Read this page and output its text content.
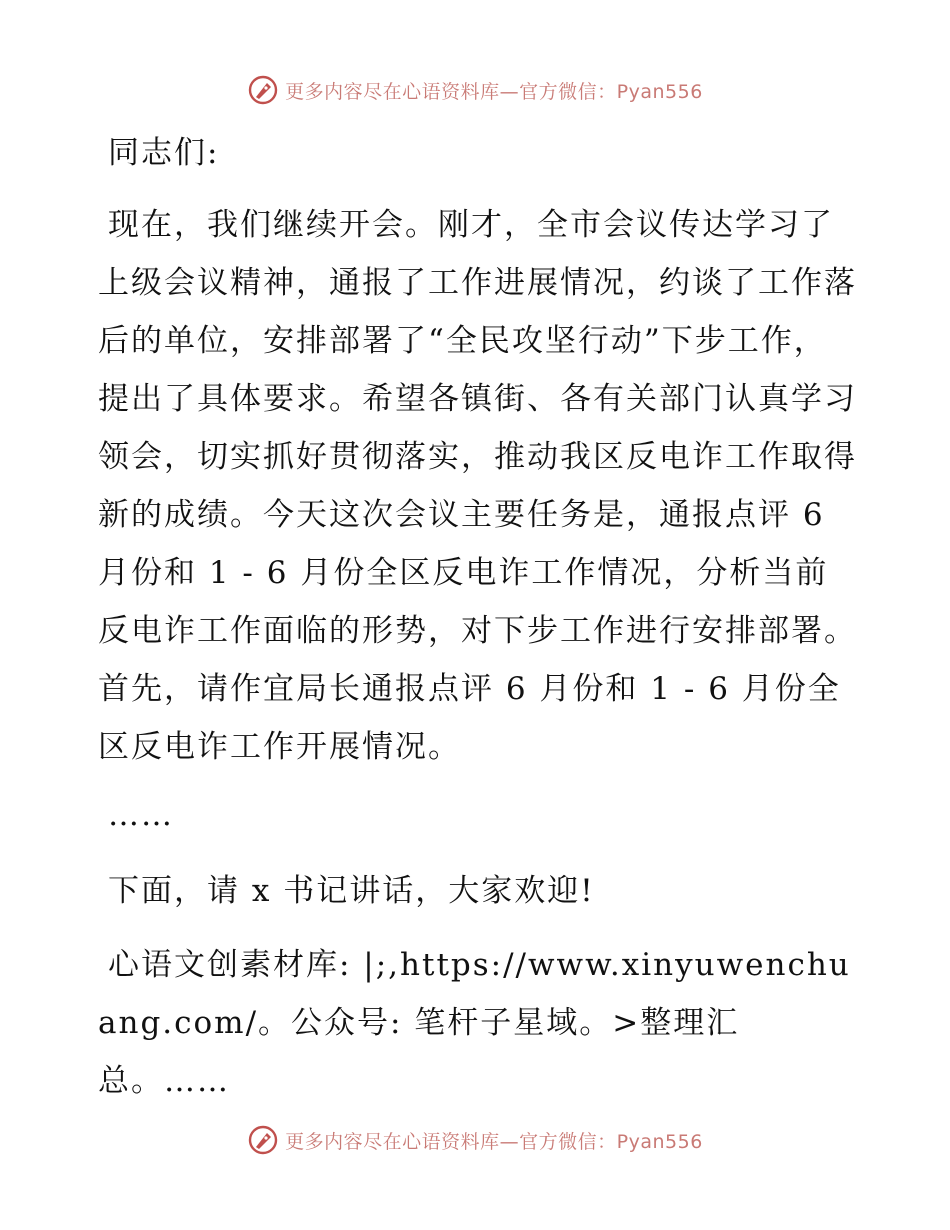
更多内容尽在心语资料库—官方微信：Pyan556

同志们:

现在，我们继续开会。刚才，全市会议传达学习了上级会议精神，通报了工作进展情况，约谈了工作落后的单位，安排部署了“全民攻坚行动”下步工作，提出了具体要求。希望各镇街、各有关部门认真学习领会，切实抓好贯彻落实，推动我区反电诈工作取得新的成绩。今天这次会议主要任务是，通报点评 6 月份和 1 - 6 月份全区反电诈工作情况，分析当前反电诈工作面临的形势，对下步工作进行安排部署。首先，请作宜局长通报点评 6 月份和 1 - 6 月份全区反电诈工作开展情况。

……

下面，请 x 书记讲话，大家欢迎!

心语文创素材库: |;,https://www.xinyuwenchuang.com/。公众号: 笔杆子星域。>整理汇总。……

更多内容尽在心语资料库—官方微信：Pyan556
